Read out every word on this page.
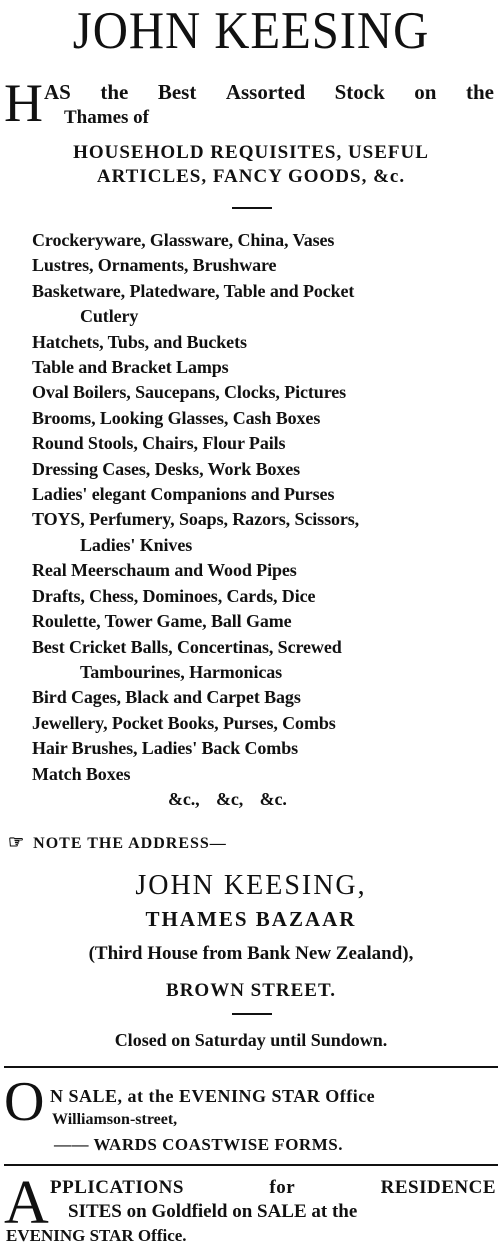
JOHN KEESING
H AS the Best Assorted Stock on the
Thames of
HOUSEHOLD REQUISITES, USEFUL
ARTICLES, FANCY GOODS, &c.
Crockeryware, Glassware, China, Vases
Lustres, Ornaments, Brushware
Basketware, Platedware, Table and Pocket
Cutlery
Hatchets, Tubs, and Buckets
Table and Bracket Lamps
Oval Boilers, Saucepans, Clocks, Pictures
Brooms, Looking Glasses, Cash Boxes
Round Stools, Chairs, Flour Pails
Dressing Cases, Desks, Work Boxes
Ladies' elegant Companions and Purses
TOYS, Perfumery, Soaps, Razors, Scissors,
Ladies' Knives
Real Meerschaum and Wood Pipes
Drafts, Chess, Dominoes, Cards, Dice
Roulette, Tower Game, Ball Game
Best Cricket Balls, Concertinas, Screwed
Tambourines, Harmonicas
Bird Cages, Black and Carpet Bags
Jewellery, Pocket Books, Purses, Combs
Hair Brushes, Ladies' Back Combs
Match Boxes
&c., &c, &c.
☞ NOTE THE ADDRESS—
JOHN KEESING,
THAMES BAZAAR
(Third House from Bank New Zealand),
BROWN STREET.
Closed on Saturday until Sundown.
O N SALE, at the EVENING STAR Office
Williamson-street,
—— WARDS COASTWISE FORMS.
A PPLICATIONS	for	RESIDENCE
SITES on Goldfield on SALE at the
EVENING STAR Office.
